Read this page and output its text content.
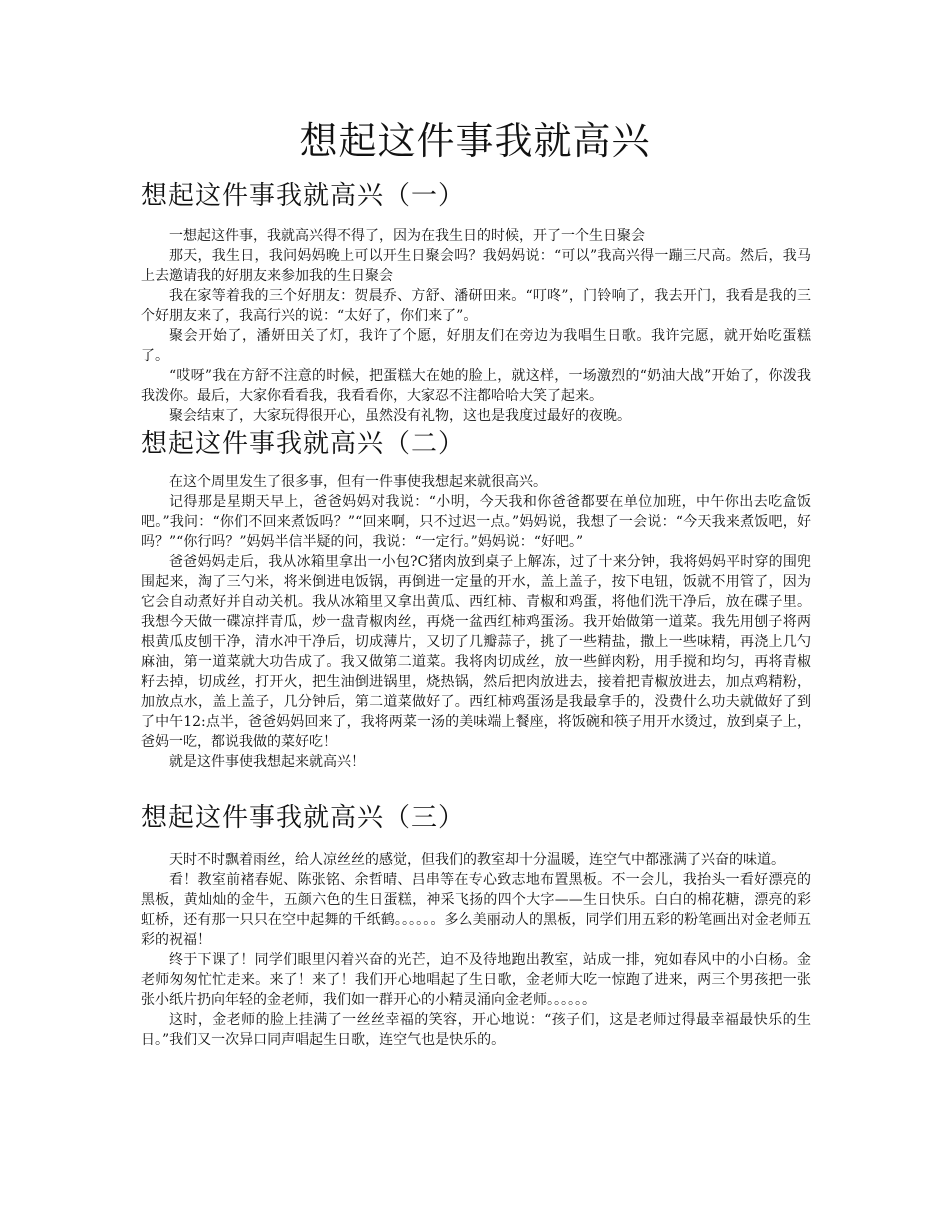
想起这件事我就高兴
想起这件事我就高兴（一）

一想起这件事，我就高兴得不得了，因为在我生日的时候，开了一个生日聚会

那天，我生日，我问妈妈晚上可以开生日聚会吗？我妈妈说：“可以”我高兴得一蹦三尺高。然后，我马上去邀请我的好朋友来参加我的生日聚会

我在家等着我的三个好朋友：贺晨乔、方舒、潘研田来。“叮咚”，门铃响了，我去开门，我看是我的三个好朋友来了，我高行兴的说：“太好了，你们来了”。

聚会开始了，潘妍田关了灯，我许了个愿，好朋友们在旁边为我唱生日歌。我许完愿，就开始吃蛋糕了。

“哎呀”我在方舒不注意的时候，把蛋糕大在她的脸上，就这样，一场激烈的“奶油大战”开始了，你泼我我泼你。最后，大家你看看我，我看看你，大家忍不注都哈哈大笑了起来。

聚会结束了，大家玩得很开心，虽然没有礼物，这也是我度过最好的夜晚。

想起这件事我就高兴（二）

在这个周里发生了很多事，但有一件事使我想起来就很高兴。

记得那是星期天早上，爸爸妈妈对我说：“小明，今天我和你爸爸都要在单位加班，中午你出去吃盒饭吧。”我问：“你们不回来煮饭吗？”“回来啊，只不过迟一点。”妈妈说，我想了一会说：“今天我来煮饭吧，好吗？”“你行吗？”妈妈半信半疑的问，我说：“一定行。”妈妈说：“好吧。”

爸爸妈妈走后，我从冰箱里拿出一小包?C猪肉放到桌子上解冻，过了十来分钟，我将妈妈平时穿的围兜围起来，淘了三勺米，将米倒进电饭锅，再倒进一定量的开水，盖上盖子，按下电钮，饭就不用管了，因为它会自动煮好并自动关机。我从冰箱里又拿出黄瓜、西红柿、青椒和鸡蛋，将他们洗干净后，放在碟子里。我想今天做一碟凉拌青瓜，炒一盘青椒肉丝，再烧一盆西红柿鸡蛋汤。我开始做第一道菜。我先用刨子将两根黄瓜皮刨干净，清水冲干净后，切成薄片，又切了几瓣蒜子，挑了一些精盐，撒上一些味精，再浇上几勺麻油，第一道菜就大功告成了。我又做第二道菜。我将肉切成丝，放一些鲜肉粉，用手搅和均匀，再将青椒籽去掉，切成丝，打开火，把生油倒进锅里，烧热锅，然后把肉放进去，接着把青椒放进去，加点鸡精粉，加放点水，盖上盖子，几分钟后，第二道菜做好了。西红柿鸡蛋汤是我最拿手的，没费什么功夫就做好了到了中午12:点半，爸爸妈妈回来了，我将两菜一汤的美味端上餐座，将饭碗和筷子用开水烫过，放到桌子上，爸妈一吃，都说我做的菜好吃！

就是这件事使我想起来就高兴！

想起这件事我就高兴（三）

天时不时飘着雨丝，给人凉丝丝的感觉，但我们的教室却十分温暖，连空气中都涨满了兴奋的味道。

看！教室前褚春妮、陈张铭、余哲晴、吕串等在专心致志地布置黑板。不一会儿，我抬头一看好漂亮的黑板，黄灿灿的金牛，五颜六色的生日蛋糕，神采飞扬的四个大字——生日快乐。白白的棉花糖，漂亮的彩虹桥，还有那一只只在空中起舞的千纸鹤。。。。。。多么美丽动人的黑板，同学们用五彩的粉笔画出对金老师五彩的祝福！

终于下课了！同学们眼里闪着兴奋的光芒，迫不及待地跑出教室，站成一排，宛如春风中的小白杨。金老师匆匆忙忙走来。来了！来了！我们开心地唱起了生日歌，金老师大吃一惊跑了进来，两三个男孩把一张张小纸片扔向年轻的金老师，我们如一群开心的小精灵涌向金老师。。。。。。

这时，金老师的脸上挂满了一丝丝幸福的笑容，开心地说：“孩子们，这是老师过得最幸福最快乐的生日。”我们又一次异口同声唱起生日歌，连空气也是快乐的。
